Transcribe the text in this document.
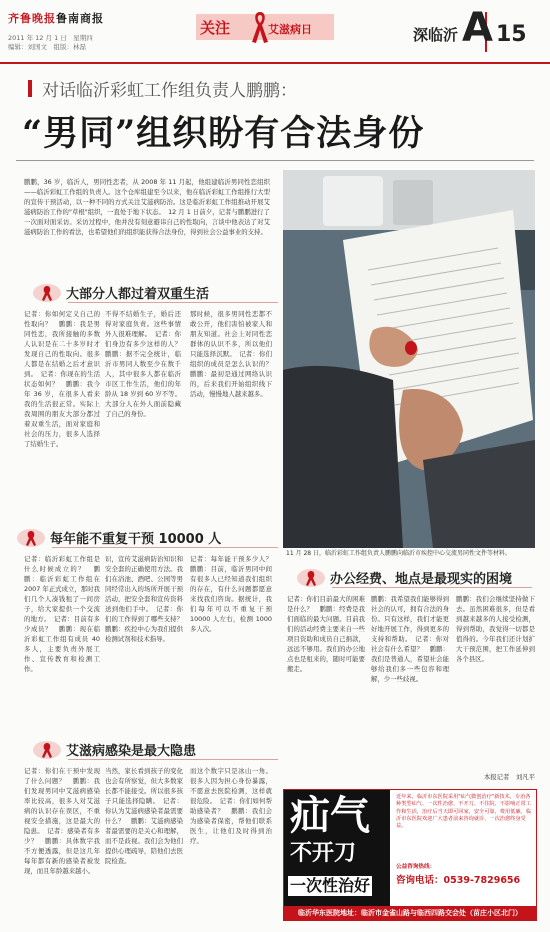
齐鲁晚报鲁南商报
2011 年 12 月 1 日　星期四
编辑：刘国文　组版：林磊
关注	艾滋病日	深临沂 A 15
对话临沂彩虹工作组负责人鹏鹏：
“男同”组织盼有合法身份
鹏鹏，36 岁，临沂人，男同性恋者，从 2008 年 11 月起，他组建临沂男同性恋组织——临沂彩虹工作组的负责人。这个仓库组建至今以来，他在临沂彩虹工作组推行大型的宣传干预活动，以一种不同的方式关注艾滋病防治。这是临沂彩虹工作组推动开展艾滋病防治工作的"草根"组织，一直处于地下状态。　12 月 1 日前夕，记者与鹏鹏进行了一次面对面采访。采访过程中，他并没有刻意避讳自己的性取向，言谈中他表达了对艾滋病防治工作的看法，也希望他们的组织能获得合法身份，得到社会公益事业的支持。
11 月 28 日，临沂彩虹工作组负责人鹏鹏向临沂市疾控中心交流男同性文件等材料。
大部分人都过着双重生活
记者：你如何定义自己的性取向？　鹏鹏：我是男同性恋，我所接触的多数人认识是在二十多岁时才发现自己的性取向。很多人都是在结婚之后才意识到。　记者：你现在的生活状态如何？　鹏鹏：我今年 36 岁，在很多人看来我的生活很正常。实际上我周围的朋友大部分都过着双重生活，面对家庭和社会的压力，很多人选择了结婚生子。
不得不结婚生子，婚后还得对家庭负责。这些事情外人很难理解。　记者：你们身边有多少这样的人？　鹏鹏：据不完全统计，临沂市男同人数至少在数千人，其中很多人都在临沂市区工作生活，他们的年龄从 18 岁到 60 岁不等。大部分人在外人面前隐藏了自己的身份。
那时候，很多男同性恋都不敢公开，他们害怕被家人和朋友知道。社会上对同性恋群体的认识不多，所以他们只能选择沉默。　记者：你们组织的成员是怎么认识的？　鹏鹏：最初是通过网络认识的，后来我们开始组织线下活动，慢慢地人越来越多。
每年能不重复干预 10000 人
记者：临沂彩虹工作组是什么时候成立的？　鹏鹏：临沂彩虹工作组在 2007 年正式成立，那时我们几个人凑钱租了一间房子，给大家提供一个交流的地方。　记者：目前有多少成员？　鹏鹏：现在临沂彩虹工作组有成员 40 多人，主要负责外展工作、宣传教育和检测工作。
识，宣传艾滋病防治知识和安全套的正确使用方法。我们在浴池、酒吧、公园等男同经常出入的场所开展干预活动，把安全套和宣传资料送到他们手中。　记者：你们的工作得到了哪些支持？　鹏鹏：疾控中心为我们提供检测试剂和技术指导。
记者：每年能干预多少人？　鹏鹏：目前，临沂男同中间有很多人已经知道我们组织的存在，有什么问题都愿意来找我们咨询。据统计，我们每年可以不重复干预 10000 人左右，检测 1000 多人次。
艾滋病感染是最大隐患
记者：你们在干预中发现了什么问题？　鹏鹏：我们发现男同中艾滋病感染率比较高，很多人对艾滋病的认识存在误区，不重视安全措施，这是最大的隐患。　记者：感染者有多少？　鹏鹏：具体数字我不方便透露，但是这几年每年都有新的感染者被发现，而且年龄越来越小。
当然，家长看到孩子的变化也会有所察觉，但大多数家长都不能接受。所以很多孩子只能选择隐瞒。　记者：你认为艾滋病感染者最需要什么？　鹏鹏：艾滋病感染者最需要的是关心和理解，而不是歧视。我们会为他们提供心理疏导，陪他们去医院检查。
而这个数字只是冰山一角。很多人因为担心身份暴露，不愿意去医院检测，这样就很危险。　记者：你们如何帮助感染者？　鹏鹏：我们会为感染者保密，帮他们联系医生，让他们及时得到治疗。
办公经费、地点是最现实的困境
记者：你们目前最大的困难是什么？　鹏鹏：经费是我们面临的最大问题。目前我们的活动经费主要来自一些项目资助和成员自己捐款，远远不够用。我们的办公地点也是租来的，随时可能要搬走。
鹏鹏：我希望我们能够得到社会的认可，拥有合法的身份。只有这样，我们才能更好地开展工作，得到更多的支持和帮助。　记者：你对社会有什么希望？　鹏鹏：我们是普通人，希望社会能够给我们多一些包容和理解，少一些歧视。
鹏鹏：我们会继续坚持做下去。虽然困难很多，但是看到越来越多的人接受检测，得到帮助，我觉得一切都是值得的。今年我们还计划扩大干预范围，把工作延伸到各个县区。
本报记者　刘凡平
疝气
不开刀
一次性治好
近年来，临沂市东医院采用"疝气微创治疗"新技术，专治各种类型疝气、一次性治愈，不开刀、不住院、不影响正常工作和生活，治疗后当天即可回家，安全可靠，费用低廉。临沂市东医院欢迎广大患者前来咨询就诊，一次治愈终身受益。
公益咨询热线：
咨询电话：0539-7829656
临沂华东医院地址：临沂市金雀山路与临西四路交会处（苗庄小区北门）
